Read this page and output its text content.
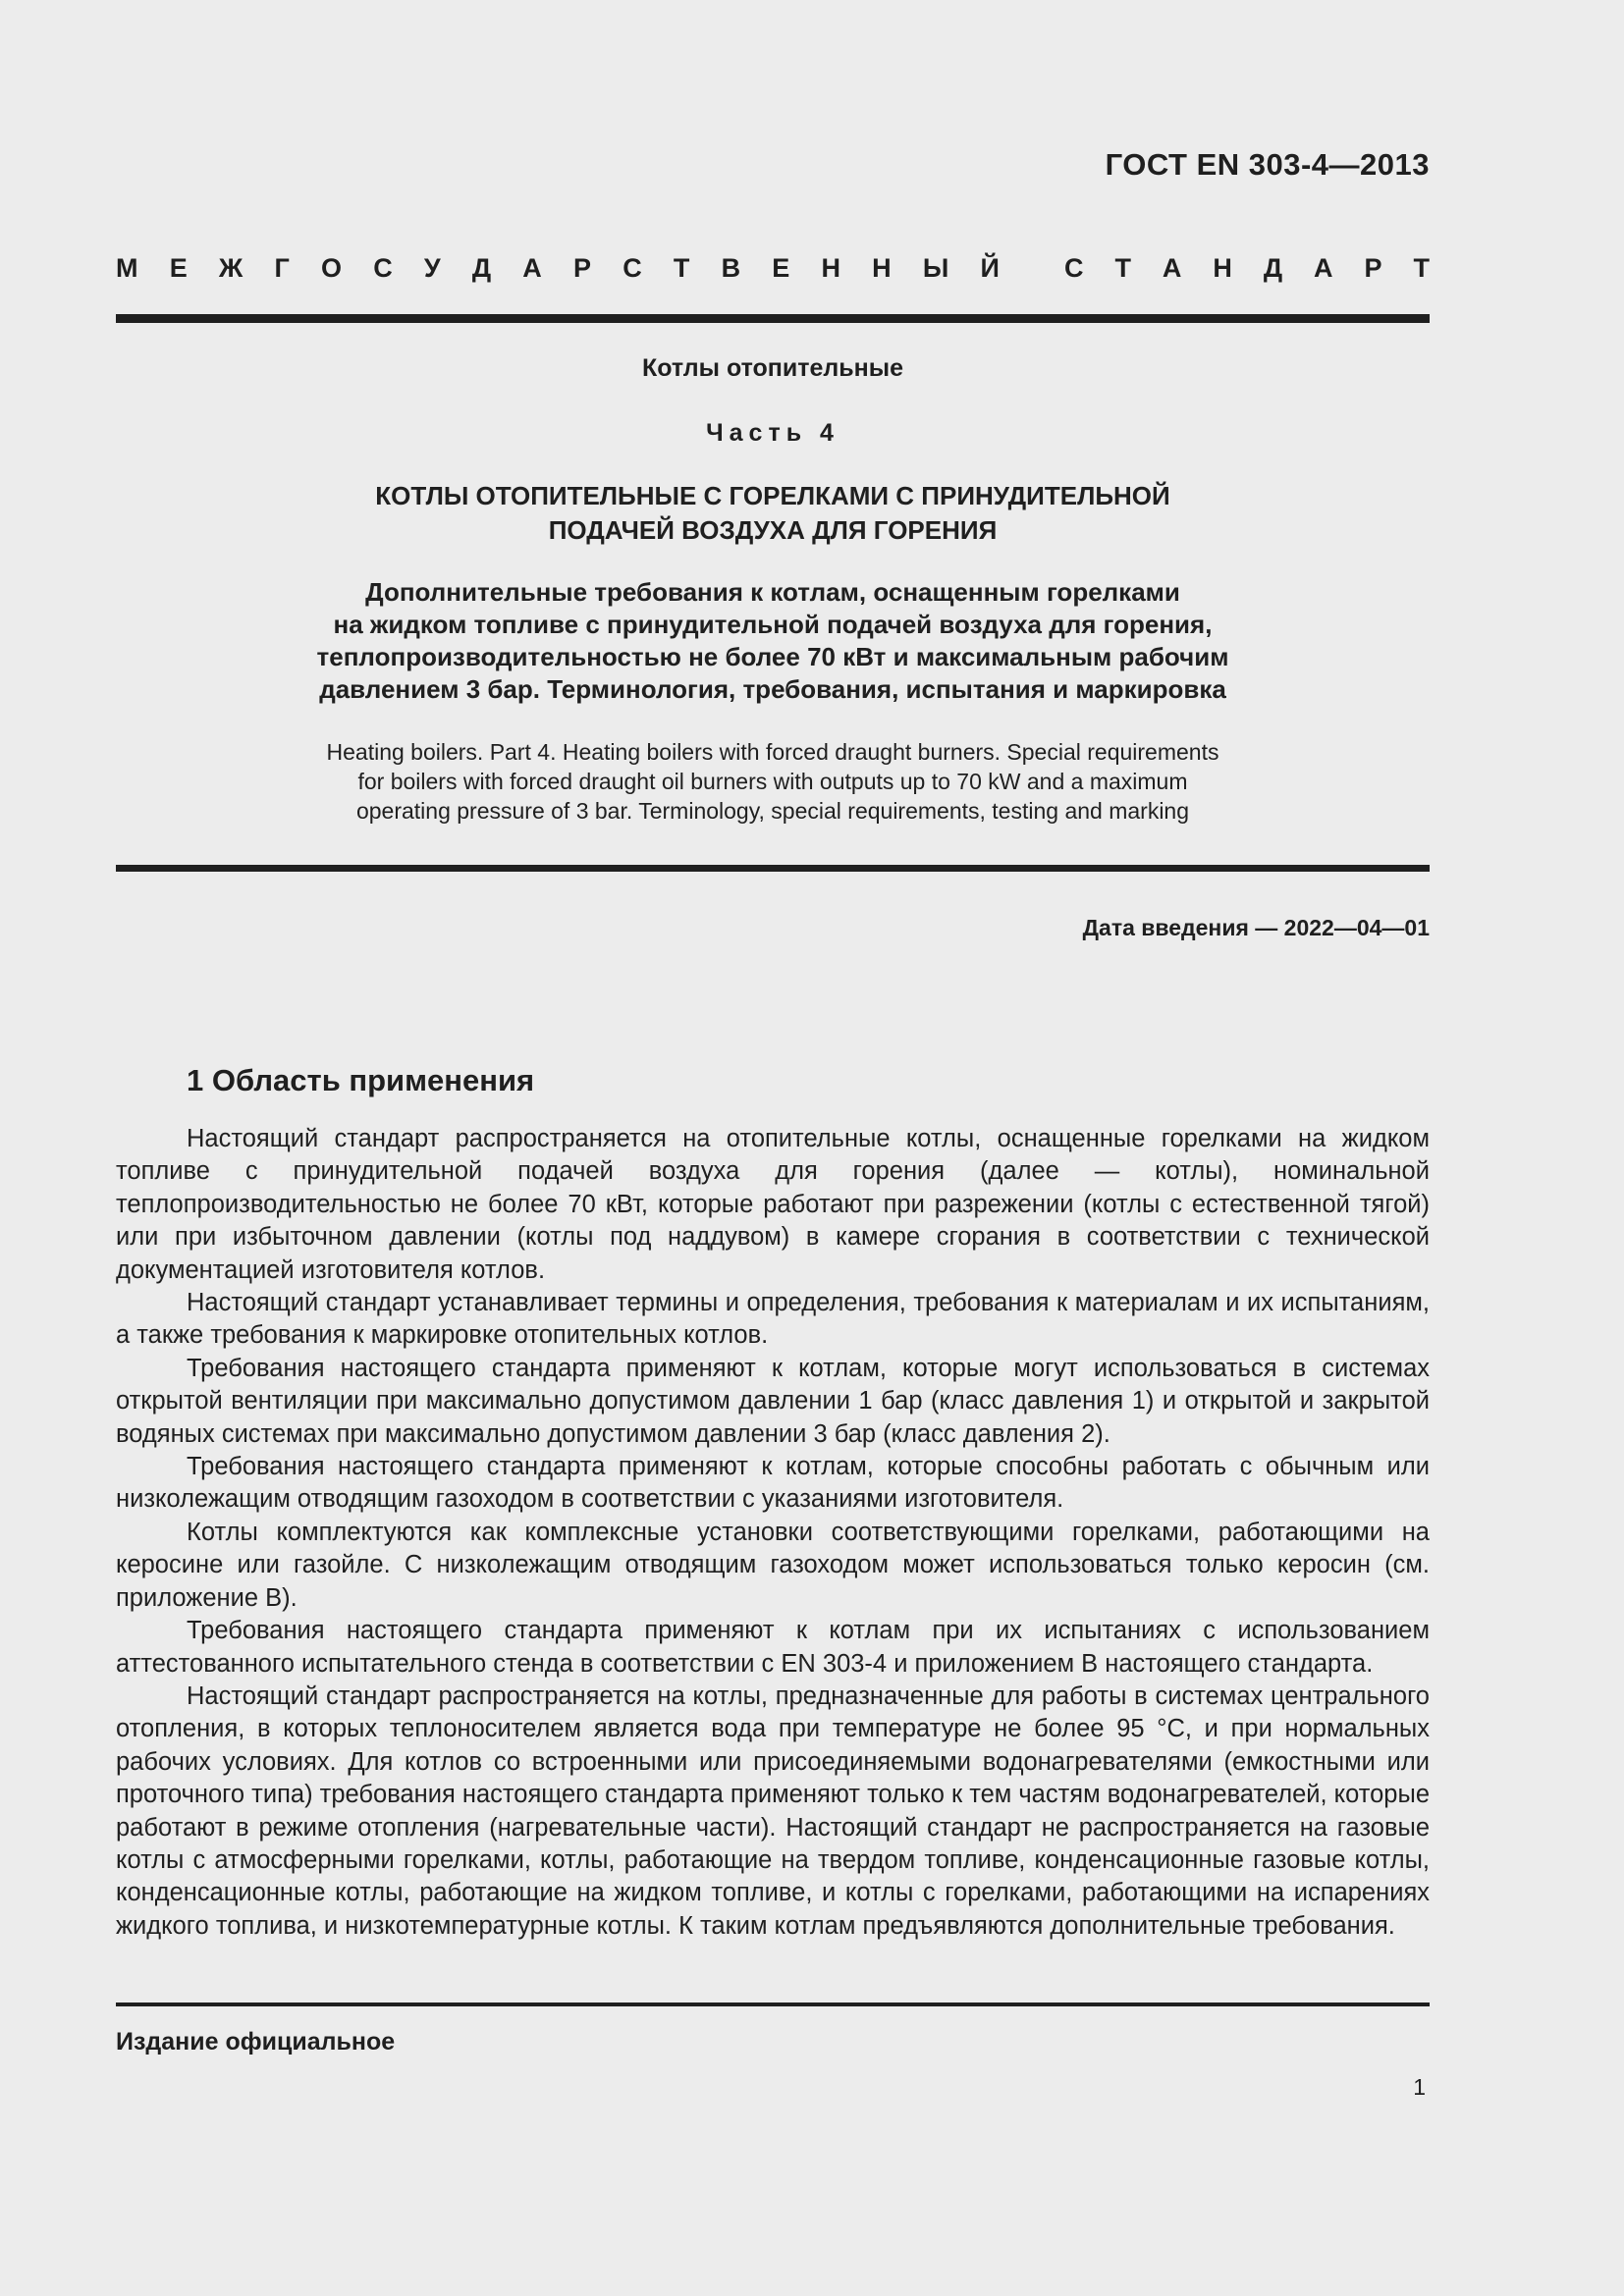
ГОСТ EN 303-4—2013
М Е Ж Г О С У Д А Р С Т В Е Н Н Ы Й С Т А Н Д А Р Т
Котлы отопительные
Часть 4
КОТЛЫ ОТОПИТЕЛЬНЫЕ С ГОРЕЛКАМИ С ПРИНУДИТЕЛЬНОЙ
ПОДАЧЕЙ ВОЗДУХА ДЛЯ ГОРЕНИЯ
Дополнительные требования к котлам, оснащенным горелками
на жидком топливе с принудительной подачей воздуха для горения,
теплопроизводительностью не более 70 кВт и максимальным рабочим
давлением 3 бар. Терминология, требования, испытания и маркировка
Heating boilers. Part 4. Heating boilers with forced draught burners. Special requirements
for boilers with forced draught oil burners with outputs up to 70 kW and a maximum
operating pressure of 3 bar. Terminology, special requirements, testing and marking
Дата введения — 2022—04—01
1 Область применения

Настоящий стандарт распространяется на отопительные котлы, оснащенные горелками на жидком топливе с принудительной подачей воздуха для горения (далее — котлы), номинальной теплопроизводительностью не более 70 кВт, которые работают при разрежении (котлы с естественной тягой) или при избыточном давлении (котлы под наддувом) в камере сгорания в соответствии с технической документацией изготовителя котлов.

Настоящий стандарт устанавливает термины и определения, требования к материалам и их испытаниям, а также требования к маркировке отопительных котлов.

Требования настоящего стандарта применяют к котлам, которые могут использоваться в системах открытой вентиляции при максимально допустимом давлении 1 бар (класс давления 1) и открытой и закрытой водяных системах при максимально допустимом давлении 3 бар (класс давления 2).

Требования настоящего стандарта применяют к котлам, которые способны работать с обычным или низколежащим отводящим газоходом в соответствии с указаниями изготовителя.

Котлы комплектуются как комплексные установки соответствующими горелками, работающими на керосине или газойле. С низколежащим отводящим газоходом может использоваться только керосин (см. приложение В).

Требования настоящего стандарта применяют к котлам при их испытаниях с использованием аттестованного испытательного стенда в соответствии с EN 303-4 и приложением В настоящего стандарта.

Настоящий стандарт распространяется на котлы, предназначенные для работы в системах центрального отопления, в которых теплоносителем является вода при температуре не более 95 °С, и при нормальных рабочих условиях. Для котлов со встроенными или присоединяемыми водонагревателями (емкостными или проточного типа) требования настоящего стандарта применяют только к тем частям водонагревателей, которые работают в режиме отопления (нагревательные части). Настоящий стандарт не распространяется на газовые котлы с атмосферными горелками, котлы, работающие на твердом топливе, конденсационные газовые котлы, конденсационные котлы, работающие на жидком топливе, и котлы с горелками, работающими на испарениях жидкого топлива, и низкотемпературные котлы. К таким котлам предъявляются дополнительные требования.

Издание официальное
1
